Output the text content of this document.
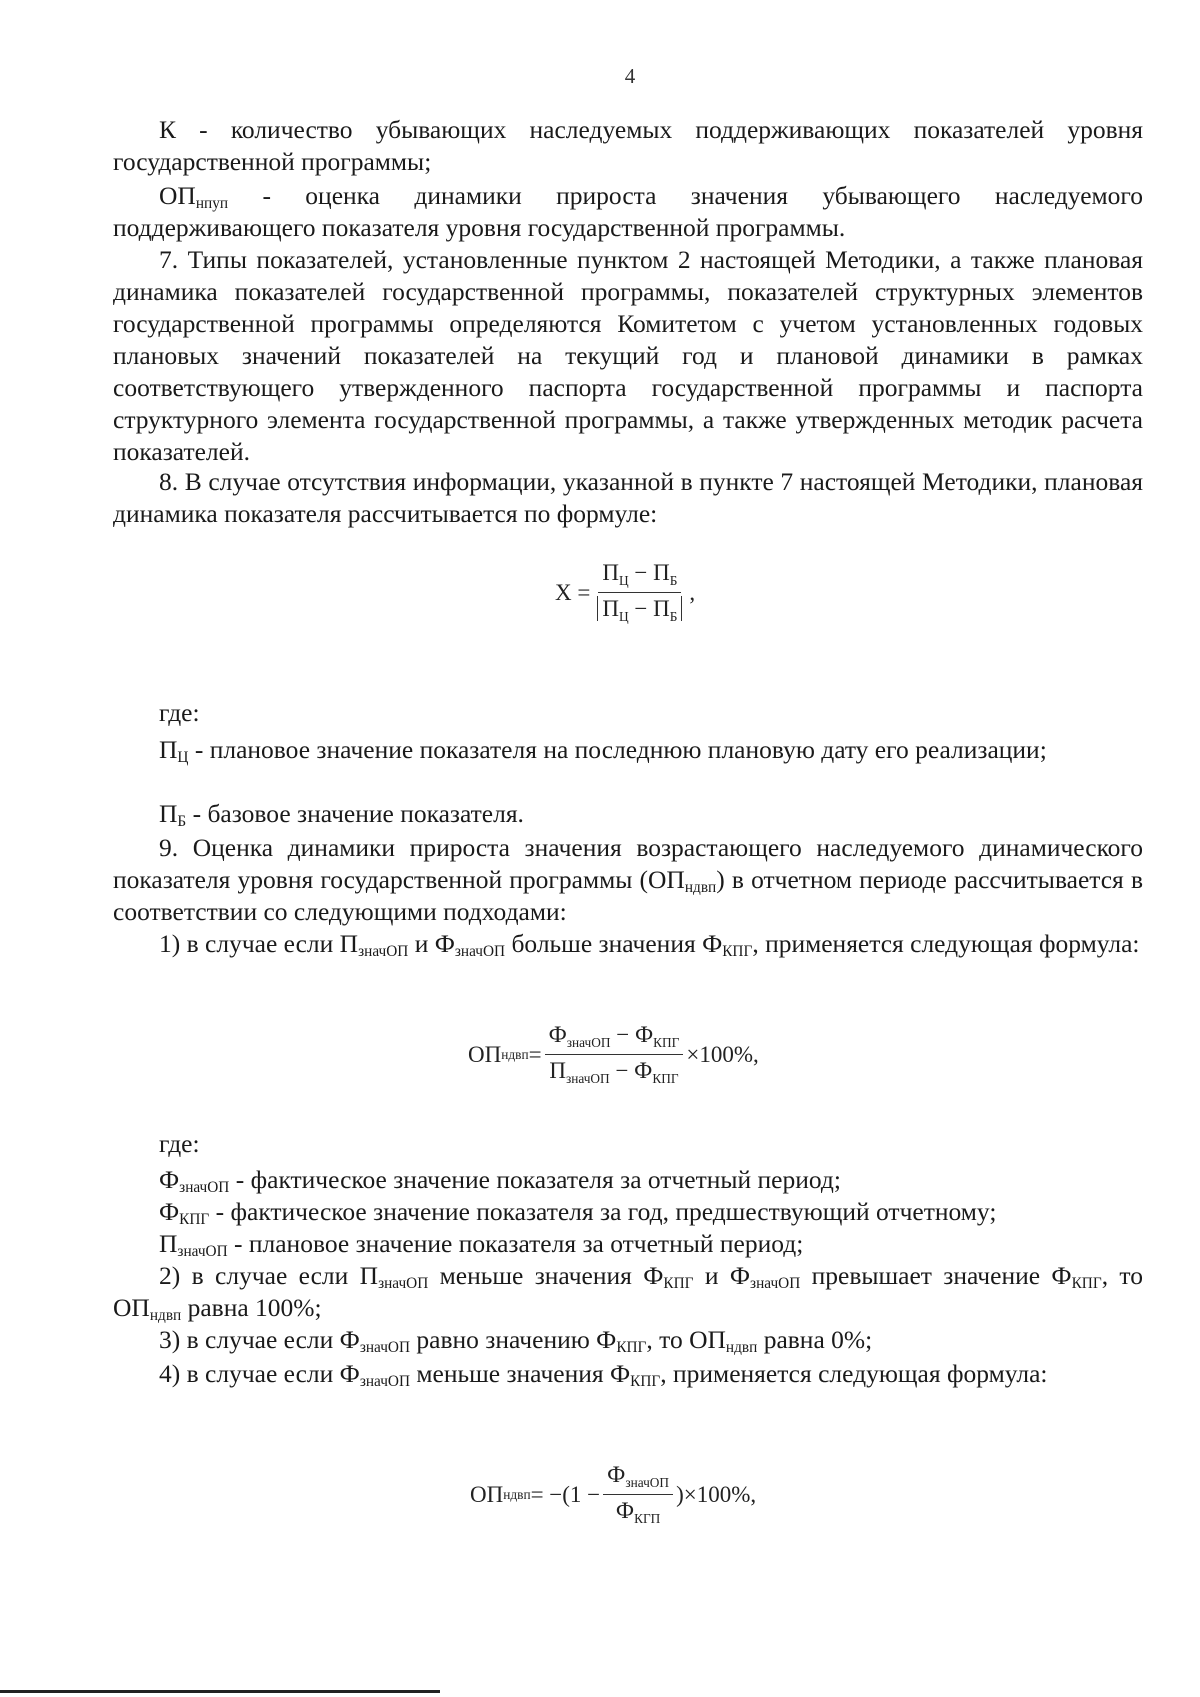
4
К - количество убывающих наследуемых поддерживающих показателей уровня государственной программы;
$ОП_{нпуп}$ - оценка динамики прироста значения убывающего наследуемого поддерживающего показателя уровня государственной программы.
7. Типы показателей, установленные пунктом 2 настоящей Методики, а также плановая динамика показателей государственной программы, показателей структурных элементов государственной программы определяются Комитетом с учетом установленных годовых плановых значений показателей на текущий год и плановой динамики в рамках соответствующего утвержденного паспорта государственной программы и паспорта структурного элемента государственной программы, а также утвержденных методик расчета показателей.
8. В случае отсутствия информации, указанной в пункте 7 настоящей Методики, плановая динамика показателя рассчитывается по формуле:
$Х = \frac{П_Ц - П_Б}{П_Ц - П_Б}$ ,
где:
$П_Ц$ - плановое значение показателя на последнюю плановую дату его реализации;
$П_Б$ - базовое значение показателя.
9. Оценка динамики прироста значения возрастающего наследуемого динамического показателя уровня государственной программы $(ОП_{ндвп})$ в отчетном периоде рассчитывается в соответствии со следующими подходами:
1) в случае если $П_{значОП}$ и $Ф_{значОП}$ больше значения $Ф_{КПГ}$, применяется следующая формула:
ОП ндвп = $\frac{Ф_{значОП} - Ф_{КПГ}}{П_{значОП} - Ф_{КПГ}} \times 100\%$,
где:
$Ф_{значОП}$ - фактическое значение показателя за отчетный период;
$Ф_{КПГ}$ - фактическое значение показателя за год, предшествующий отчетному;
$П_{значОП}$ - плановое значение показателя за отчетный период;
2) в случае если $П_{значОП}$ меньше значения $Ф_{КПГ}$ и $Ф_{значОП}$ превышает значение $Ф_{КПГ}$, то $ОП_{ндвп}$ равна 100%;
3) в случае если $Ф_{значОП}$ равно значению $Ф_{КПГ}$, то $ОП_{ндвп}$ равна 0%;
4) в случае если $Ф_{значОП}$ меньше значения $Ф_{КПГ}$, применяется следующая формула:
ОП ндвп = $-(1 - \frac{Ф_{значОП}}{Ф_{КГП}} )\times 100\%$,
